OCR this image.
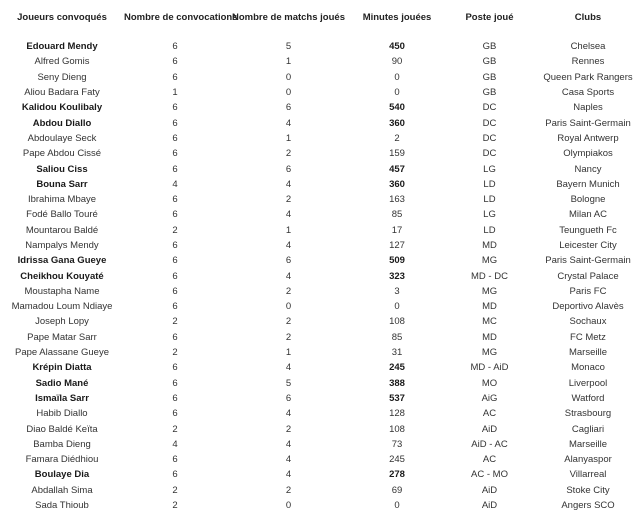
Joueurs convoqués	Nombre de convocations	Nombre de matchs joués	Minutes jouées	Poste joué	Clubs

Edouard Mendy	6	5	450	GB	Chelsea
Alfred Gomis	6	1	90	GB	Rennes
Seny Dieng	6	0	0	GB	Queen Park Rangers
Aliou Badara Faty	1	0	0	GB	Casa Sports
Kalidou Koulibaly	6	6	540	DC	Naples
Abdou Diallo	6	4	360	DC	Paris Saint-Germain
Abdoulaye Seck	6	1	2	DC	Royal Antwerp
Pape Abdou Cissé	6	2	159	DC	Olympiakos
Saliou Ciss	6	6	457	LG	Nancy
Bouna Sarr	4	4	360	LD	Bayern Munich
Ibrahima Mbaye	6	2	163	LD	Bologne
Fodé Ballo Touré	6	4	85	LG	Milan AC
Mountarou Baldé	2	1	17	LD	Teungueth Fc
Nampalys Mendy	6	4	127	MD	Leicester City
Idrissa Gana Gueye	6	6	509	MG	Paris Saint-Germain
Cheikhou Kouyaté	6	4	323	MD - DC	Crystal Palace
Moustapha Name	6	2	3	MG	Paris FC
Mamadou Loum Ndiaye	6	0	0	MD	Deportivo Alavès
Joseph Lopy	2	2	108	MC	Sochaux
Pape Matar Sarr	6	2	85	MD	FC Metz
Pape Alassane Gueye	2	1	31	MG	Marseille
Krépin Diatta	6	4	245	MD - AiD	Monaco
Sadio Mané	6	5	388	MO	Liverpool
Ismaïla Sarr	6	6	537	AiG	Watford
Habib Diallo	6	4	128	AC	Strasbourg
Diao Baldé Keïta	2	2	108	AiD	Cagliari
Bamba Dieng	4	4	73	AiD - AC	Marseille
Famara Diédhiou	6	4	245	AC	Alanyaspor
Boulaye Dia	6	4	278	AC - MO	Villarreal
Abdallah Sima	2	2	69	AiD	Stoke City
Sada Thioub	2	0	0	AiD	Angers SCO
